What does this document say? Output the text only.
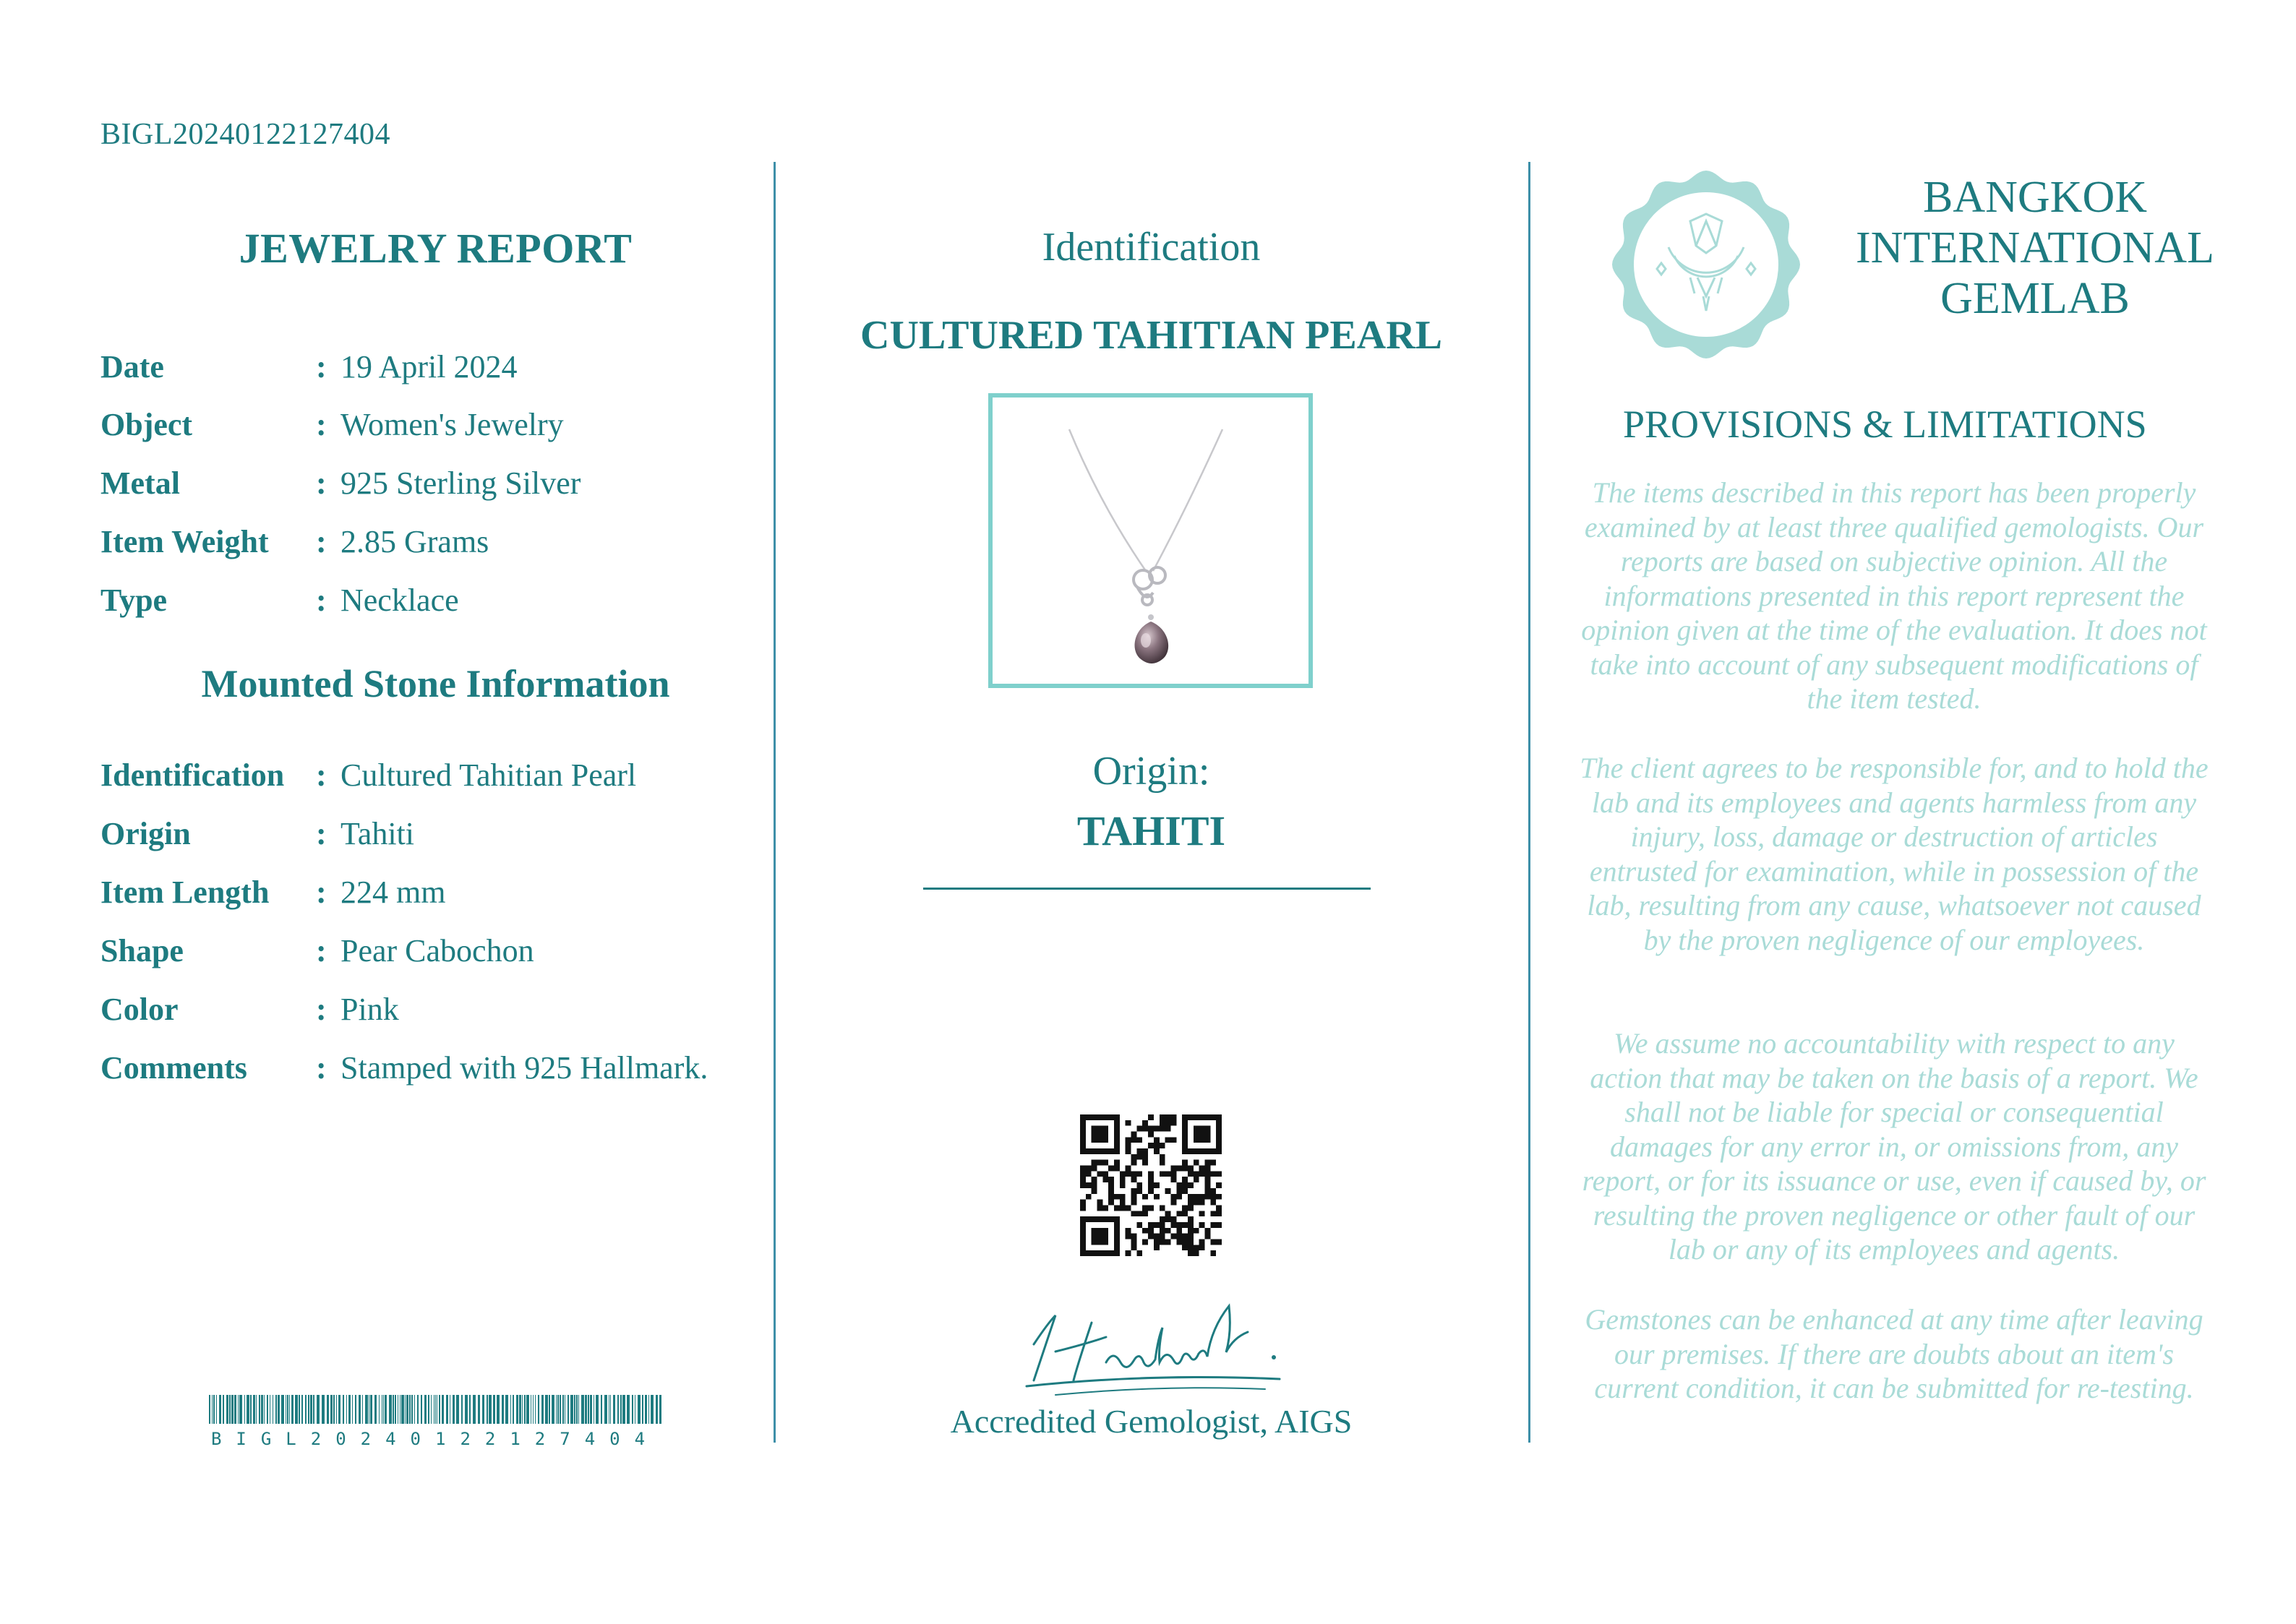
BIGL20240122127404
JEWELRY REPORT
Date	: 19 April 2024
Object	: Women's Jewelry
Metal	: 925 Sterling Silver
Item Weight	: 2.85 Grams
Type	: Necklace
Mounted Stone Information
Identification : Cultured Tahitian Pearl
Origin	: Tahiti
Item Length	: 224 mm
Shape	: Pear Cabochon
Color	: Pink
Comments	: Stamped with 925 Hallmark.
BIGL20240122127404
Identification
CULTURED TAHITIAN PEARL
Origin:
TAHITI
Accredited Gemologist, AIGS
BANGKOK
INTERNATIONAL
GEMLAB
PROVISIONS & LIMITATIONS
The items described in this report has been properly examined by at least three qualified gemologists. Our reports are based on subjective opinion. All the informations presented in this report represent the opinion given at the time of the evaluation. It does not take into account of any subsequent modifications of the item tested.
The client agrees to be responsible for, and to hold the lab and its employees and agents harmless from any injury, loss, damage or destruction of articles entrusted for examination, while in possession of the lab, resulting from any cause, whatsoever not caused by the proven negligence of our employees.
We assume no accountability with respect to any action that may be taken on the basis of a report. We shall not be liable for special or consequential damages for any error in, or omissions from, any report, or for its issuance or use, even if caused by, or resulting the proven negligence or other fault of our lab or any of its employees and agents.
Gemstones can be enhanced at any time after leaving our premises. If there are doubts about an item's current condition, it can be submitted for re-testing.
